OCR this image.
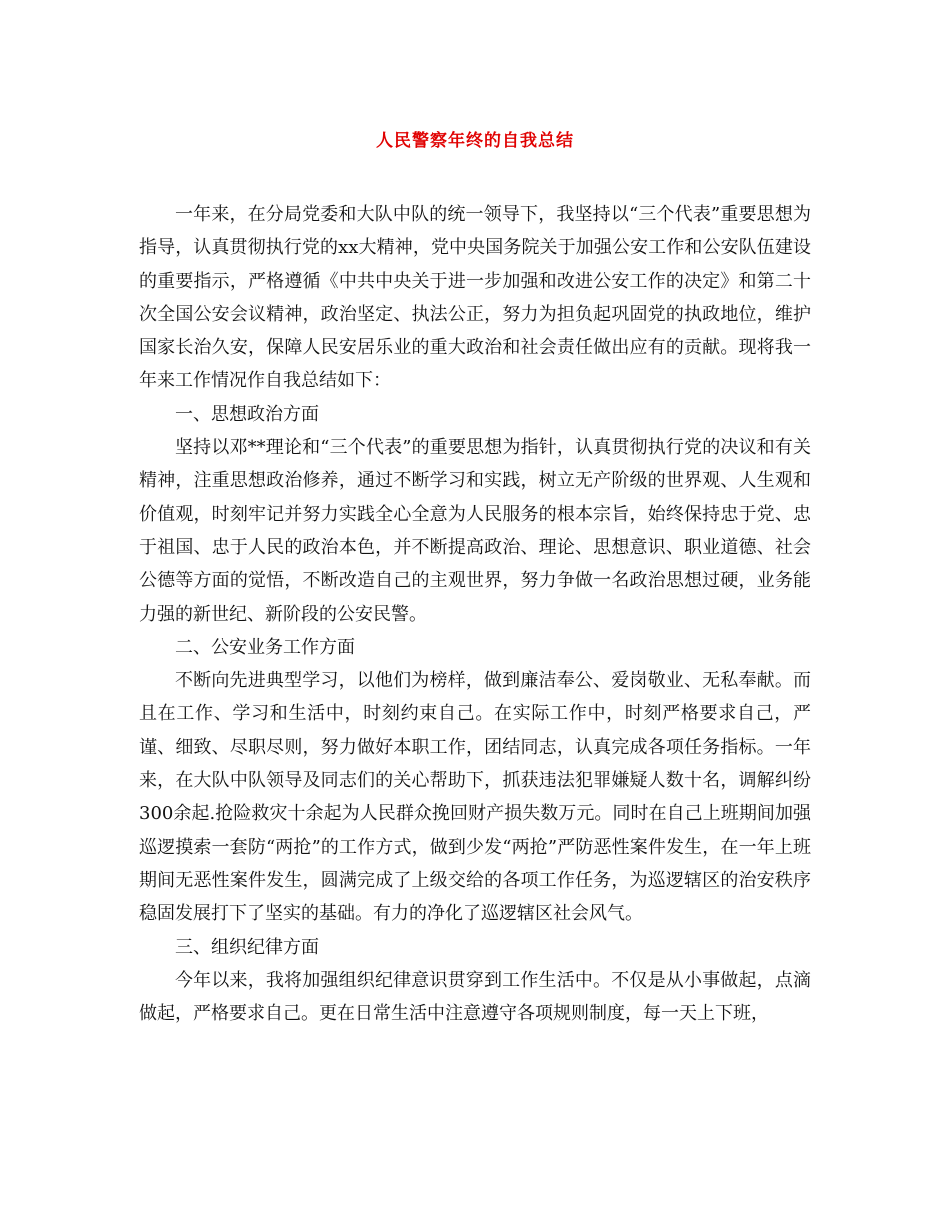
人民警察年终的自我总结

一年来，在分局党委和大队中队的统一领导下，我坚持以“三个代表”重要思想为指导，认真贯彻执行党的xx大精神，党中央国务院关于加强公安工作和公安队伍建设的重要指示，严格遵循《中共中央关于进一步加强和改进公安工作的决定》和第二十次全国公安会议精神，政治坚定、执法公正，努力为担负起巩固党的执政地位，维护国家长治久安，保障人民安居乐业的重大政治和社会责任做出应有的贡献。现将我一年来工作情况作自我总结如下：

一、思想政治方面

坚持以邓**理论和“三个代表”的重要思想为指针，认真贯彻执行党的决议和有关精神，注重思想政治修养，通过不断学习和实践，树立无产阶级的世界观、人生观和价值观，时刻牢记并努力实践全心全意为人民服务的根本宗旨，始终保持忠于党、忠于祖国、忠于人民的政治本色，并不断提高政治、理论、思想意识、职业道德、社会公德等方面的觉悟，不断改造自己的主观世界，努力争做一名政治思想过硬，业务能力强的新世纪、新阶段的公安民警。

二、公安业务工作方面

不断向先进典型学习，以他们为榜样，做到廉洁奉公、爱岗敬业、无私奉献。而且在工作、学习和生活中，时刻约束自己。在实际工作中，时刻严格要求自己，严谨、细致、尽职尽则，努力做好本职工作，团结同志，认真完成各项任务指标。一年来，在大队中队领导及同志们的关心帮助下，抓获违法犯罪嫌疑人数十名，调解纠纷300余起.抢险救灾十余起为人民群众挽回财产损失数万元。同时在自己上班期间加强巡逻摸索一套防“两抢”的工作方式，做到少发“两抢”严防恶性案件发生，在一年上班期间无恶性案件发生，圆满完成了上级交给的各项工作任务，为巡逻辖区的治安秩序稳固发展打下了坚实的基础。有力的净化了巡逻辖区社会风气。

三、组织纪律方面

今年以来，我将加强组织纪律意识贯穿到工作生活中。不仅是从小事做起，点滴做起，严格要求自己。更在日常生活中注意遵守各项规则制度，每一天上下班，
